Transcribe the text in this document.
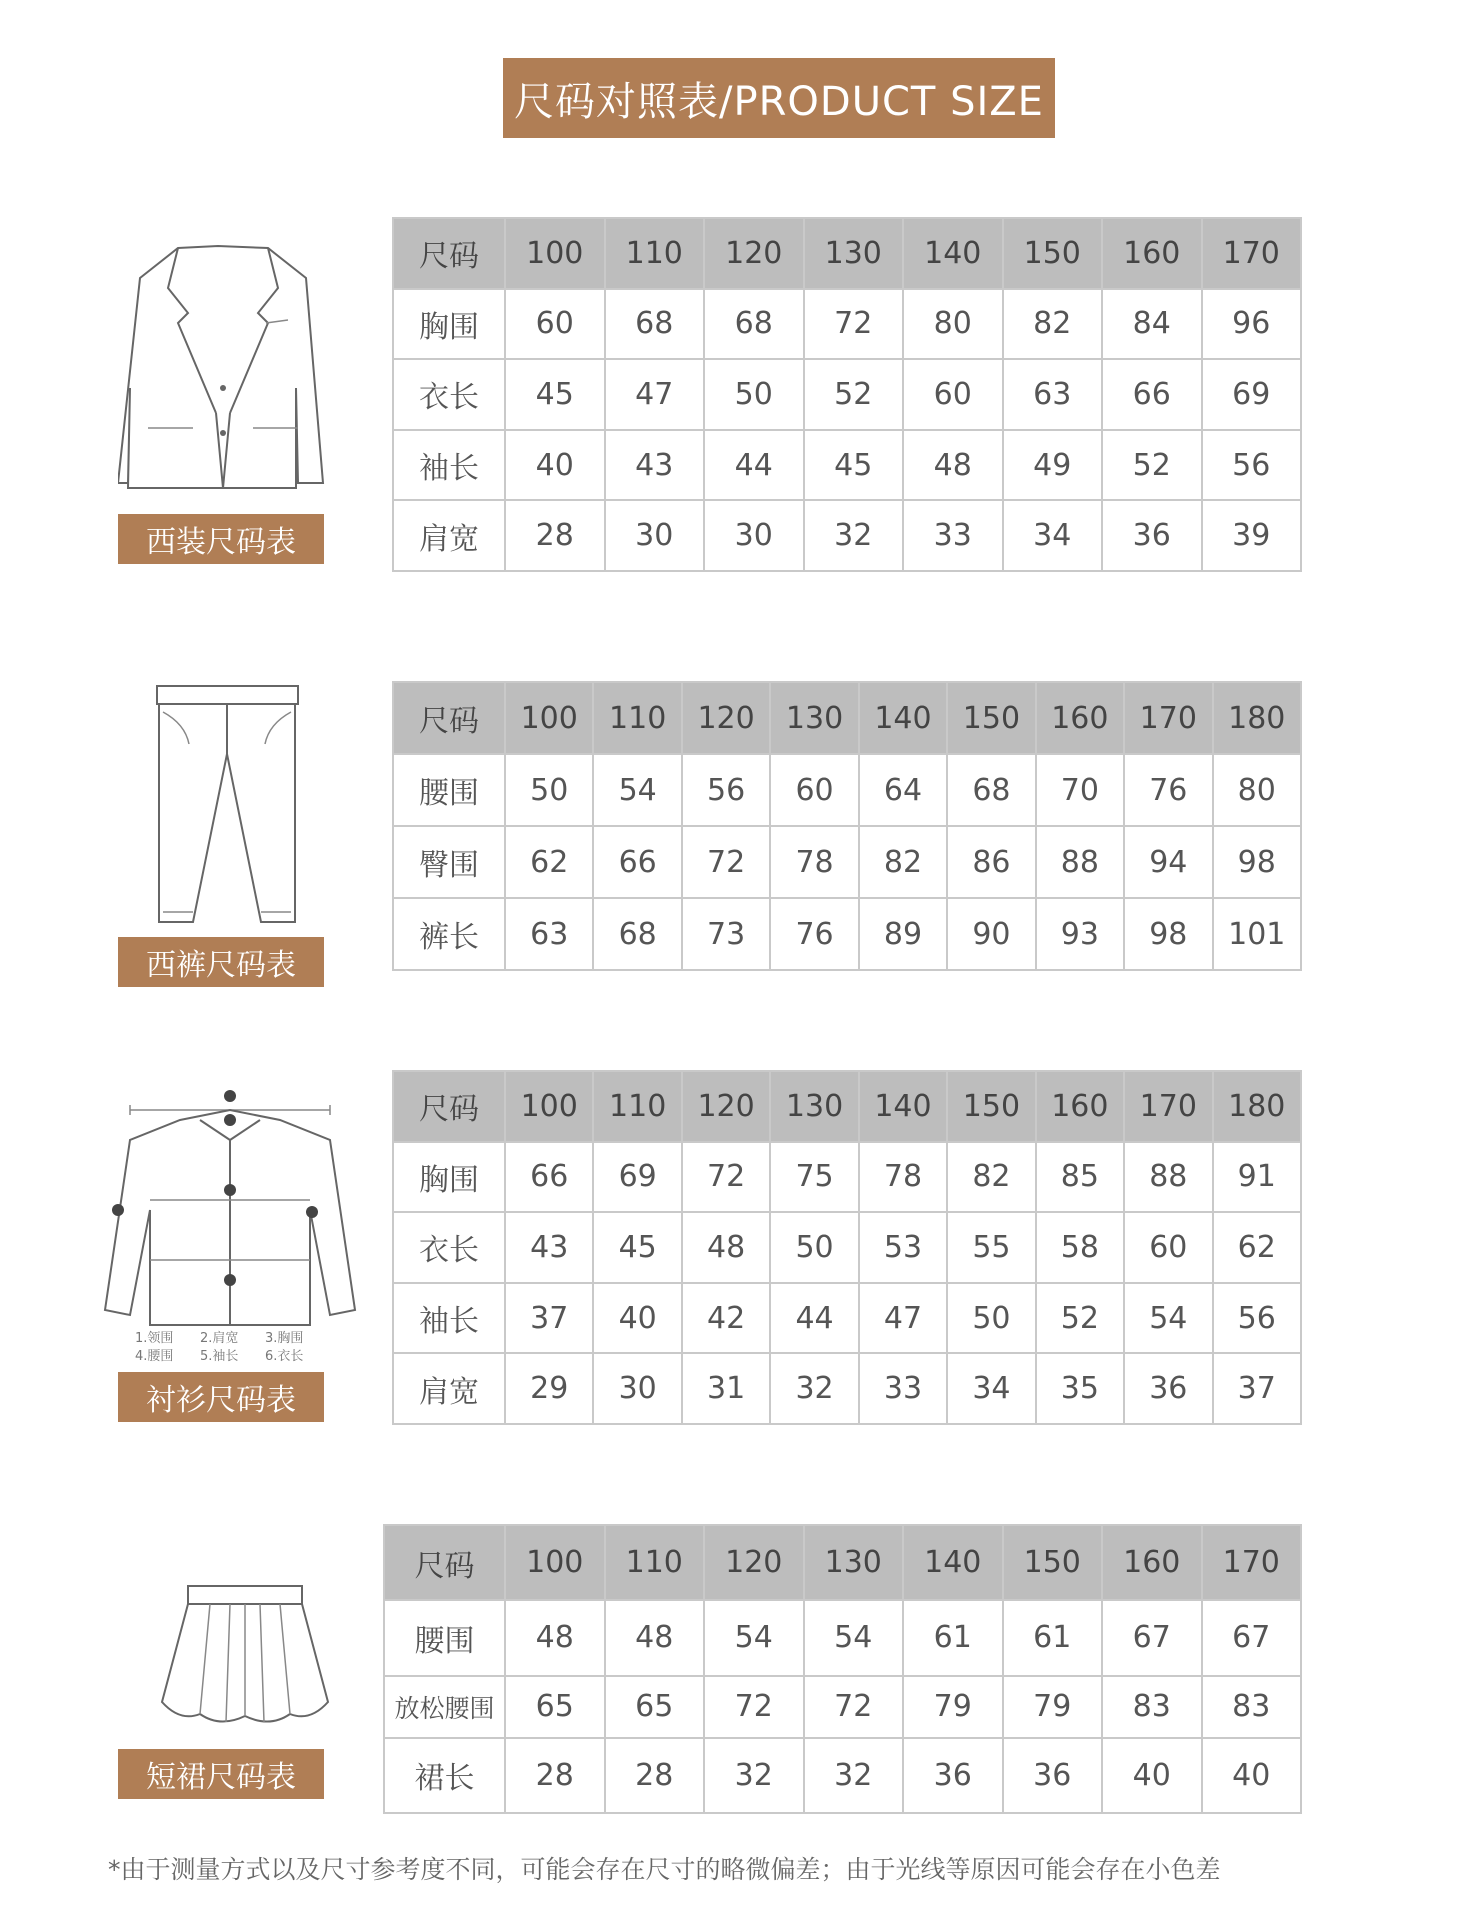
尺码对照表/PRODUCT SIZE
西装尺码表
尺码	100	110	120	130	140	150	160	170
胸围	60	68	68	72	80	82	84	96
衣长	45	47	50	52	60	63	66	69
袖长	40	43	44	45	48	49	52	56
肩宽	28	30	30	32	33	34	36	39
西裤尺码表
尺码	100	110	120	130	140	150	160	170	180
腰围	50	54	56	60	64	68	70	76	80
臀围	62	66	72	78	82	86	88	94	98
裤长	63	68	73	76	89	90	93	98	101
1.领围 2.肩宽 3.胸围
4.腰围 5.袖长 6.衣长
衬衫尺码表
尺码	100	110	120	130	140	150	160	170	180
胸围	66	69	72	75	78	82	85	88	91
衣长	43	45	48	50	53	55	58	60	62
袖长	37	40	42	44	47	50	52	54	56
肩宽	29	30	31	32	33	34	35	36	37
短裙尺码表
尺码	100	110	120	130	140	150	160	170
腰围	48	48	54	54	61	61	67	67
放松腰围	65	65	72	72	79	79	83	83
裙长	28	28	32	32	36	36	40	40
*由于测量方式以及尺寸参考度不同，可能会存在尺寸的略微偏差；由于光线等原因可能会存在小色差
